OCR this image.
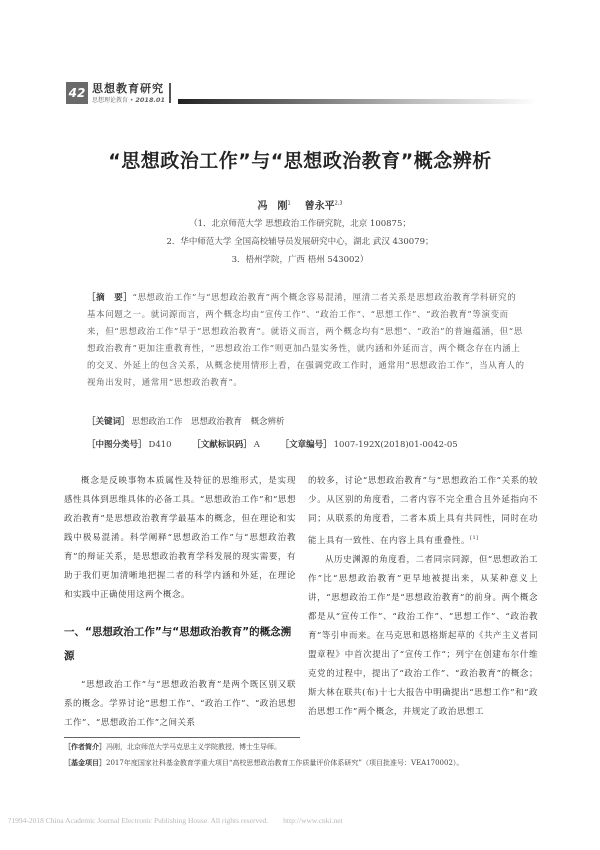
42 思想教育研究
思想理论教育 • 2018.01
“思想政治工作”与“思想政治教育”概念辨析
冯　刚$^1$ 曾永平$^{2,3}$
（1．北京师范大学 思想政治工作研究院，北京 100875；
2．华中师范大学 全国高校辅导员发展研究中心，湖北 武汉 430079；
3．梧州学院，广西 梧州 543002）
［摘　要］“思想政治工作”与“思想政治教育”两个概念容易混淆，厘清二者关系是思想政治教育学科研究的基本问题之一。就词源而言，两个概念均由“宣传工作”、“政治工作”、“思想工作”、“政治教育”等演变而来，但“思想政治工作”早于“思想政治教育”。就语义而言，两个概念均有“思想”、“政治”的普遍蕴涵，但“思想政治教育”更加注重教育性，“思想政治工作”则更加凸显实务性，就内涵和外延而言，两个概念存在内涵上的交叉、外延上的包含关系，从概念使用情形上看，在强调党政工作时，通常用“思想政治工作”，当从育人的视角出发时，通常用“思想政治教育”。
［关键词］ 思想政治工作　思想政治教育　概念辨析
［中图分类号］ D410 ［文献标识码］ A ［文章编号］ 1007-192X(2018)01-0042-05

概念是反映事物本质属性及特征的思维形式，是实现感性具体到思维具体的必备工具。“思想政治工作”和“思想政治教育”是思想政治教育学最基本的概念，但在理论和实践中极易混淆。科学阐释“思想政治工作”与“思想政治教育”的辩证关系，是思想政治教育学科发展的现实需要，有助于我们更加清晰地把握二者的科学内涵和外延，在理论和实践中正确使用这两个概念。

一、“思想政治工作”与“思想政治教育”的概念溯源

“思想政治工作”与“思想政治教育”是两个既区别又联系的概念。学界讨论“思想工作”、“政治工作”、“政治思想工作”、“思想政治工作”之间关系

的较多，讨论“思想政治教育”与“思想政治工作”关系的较少。从区别的角度看，二者内容不完全重合且外延指向不同；从联系的角度看，二者本质上具有共同性，同时在功能上具有一致性、在内容上具有重叠性。[1]

从历史渊源的角度看，二者同宗同源，但“思想政治工作”比“思想政治教育”更早地被提出来，从某种意义上讲，“思想政治工作”是“思想政治教育”的前身。两个概念都是从“宣传工作”、“政治工作”、“思想工作”、“政治教育”等引申而来。在马克思和恩格斯起草的《共产主义者同盟章程》中首次提出了“宣传工作”；列宁在创建布尔什维克党的过程中，提出了“政治工作”、“政治教育”的概念；斯大林在联共(布)十七大报告中明确提出“思想工作”和“政治思想工作”两个概念，并规定了政治思想工

［作者简介］冯刚，北京师范大学马克思主义学院教授、博士生导师。
［基金项目］2017年度国家社科基金教育学重大项目“高校思想政治教育工作质量评价体系研究”（项目批准号：VEA170002）。
?1994-2018 China Academic Journal Electronic Publishing House. All rights reserved.　　http://www.cnki.net
